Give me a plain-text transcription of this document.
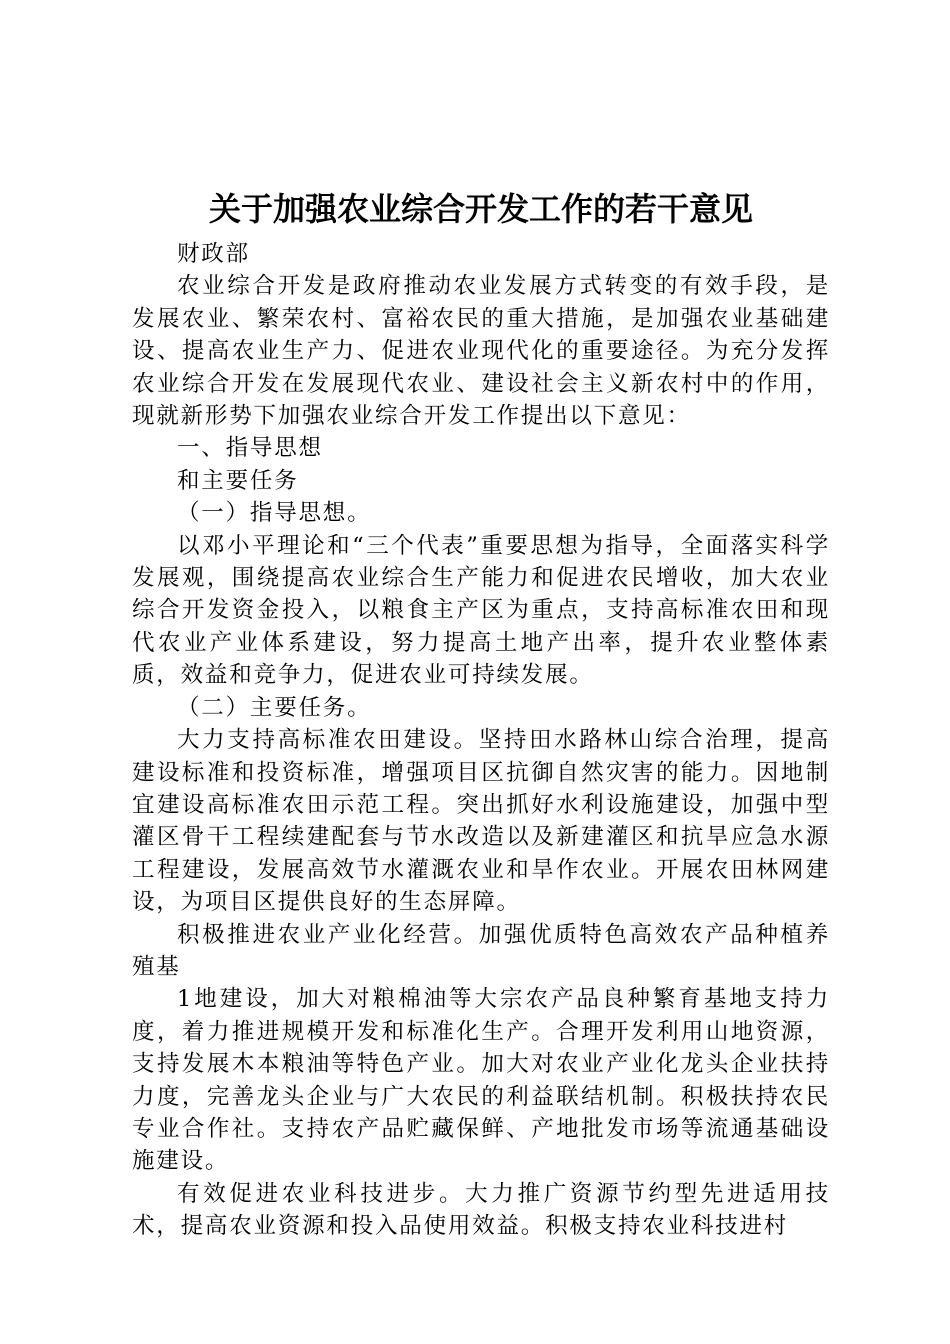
关于加强农业综合开发工作的若干意见

财政部

农业综合开发是政府推动农业发展方式转变的有效手段，是发展农业、繁荣农村、富裕农民的重大措施，是加强农业基础建设、提高农业生产力、促进农业现代化的重要途径。为充分发挥农业综合开发在发展现代农业、建设社会主义新农村中的作用，现就新形势下加强农业综合开发工作提出以下意见：

一、指导思想

和主要任务

（一）指导思想。

以邓小平理论和“三个代表”重要思想为指导，全面落实科学发展观，围绕提高农业综合生产能力和促进农民增收，加大农业综合开发资金投入，以粮食主产区为重点，支持高标准农田和现代农业产业体系建设，努力提高土地产出率，提升农业整体素质，效益和竞争力，促进农业可持续发展。

（二）主要任务。

大力支持高标准农田建设。坚持田水路林山综合治理，提高建设标准和投资标准，增强项目区抗御自然灾害的能力。因地制宜建设高标准农田示范工程。突出抓好水利设施建设，加强中型灌区骨干工程续建配套与节水改造以及新建灌区和抗旱应急水源工程建设，发展高效节水灌溉农业和旱作农业。开展农田林网建设，为项目区提供良好的生态屏障。

积极推进农业产业化经营。加强优质特色高效农产品种植养殖基

1地建设，加大对粮棉油等大宗农产品良种繁育基地支持力度，着力推进规模开发和标准化生产。合理开发利用山地资源，支持发展木本粮油等特色产业。加大对农业产业化龙头企业扶持力度，完善龙头企业与广大农民的利益联结机制。积极扶持农民专业合作社。支持农产品贮藏保鲜、产地批发市场等流通基础设施建设。

有效促进农业科技进步。大力推广资源节约型先进适用技术，提高农业资源和投入品使用效益。积极支持农业科技进村
